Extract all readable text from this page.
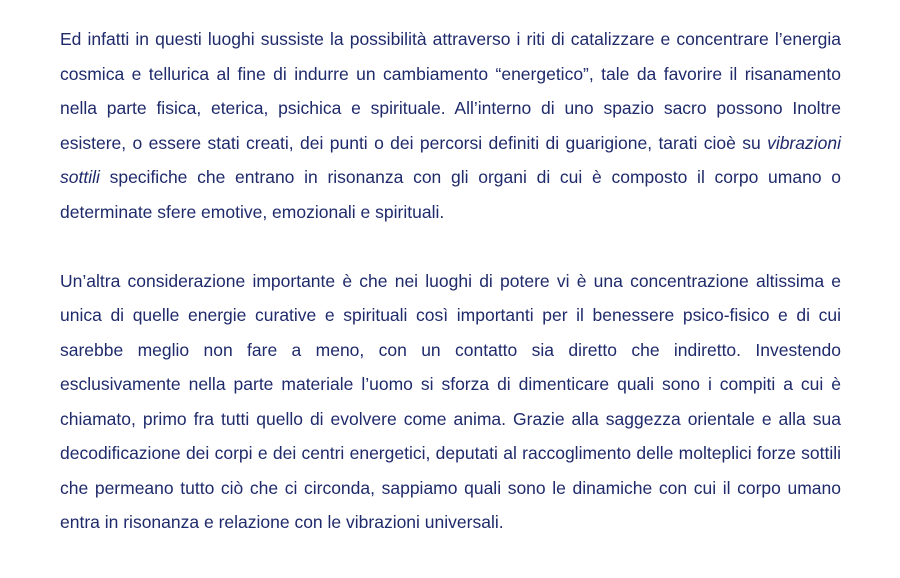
Ed infatti in questi luoghi sussiste la possibilità attraverso i riti di catalizzare e concentrare l’energia cosmica e tellurica al fine di indurre un cambiamento “energetico”, tale da favorire il risanamento nella parte fisica, eterica, psichica e spirituale. All’interno di uno spazio sacro possono Inoltre esistere, o essere stati creati, dei punti o dei percorsi definiti di guarigione, tarati cioè su vibrazioni sottili specifiche che entrano in risonanza con gli organi di cui è composto il corpo umano o determinate sfere emotive, emozionali e spirituali.

Un’altra considerazione importante è che nei luoghi di potere vi è una concentrazione altissima e unica di quelle energie curative e spirituali così importanti per il benessere psico-fisico e di cui sarebbe meglio non fare a meno, con un contatto sia diretto che indiretto. Investendo esclusivamente nella parte materiale l’uomo si sforza di dimenticare quali sono i compiti a cui è chiamato, primo fra tutti quello di evolvere come anima. Grazie alla saggezza orientale e alla sua decodificazione dei corpi e dei centri energetici, deputati al raccoglimento delle molteplici forze sottili che permeano tutto ciò che ci circonda, sappiamo quali sono le dinamiche con cui il corpo umano entra in risonanza e relazione con le vibrazioni universali.
